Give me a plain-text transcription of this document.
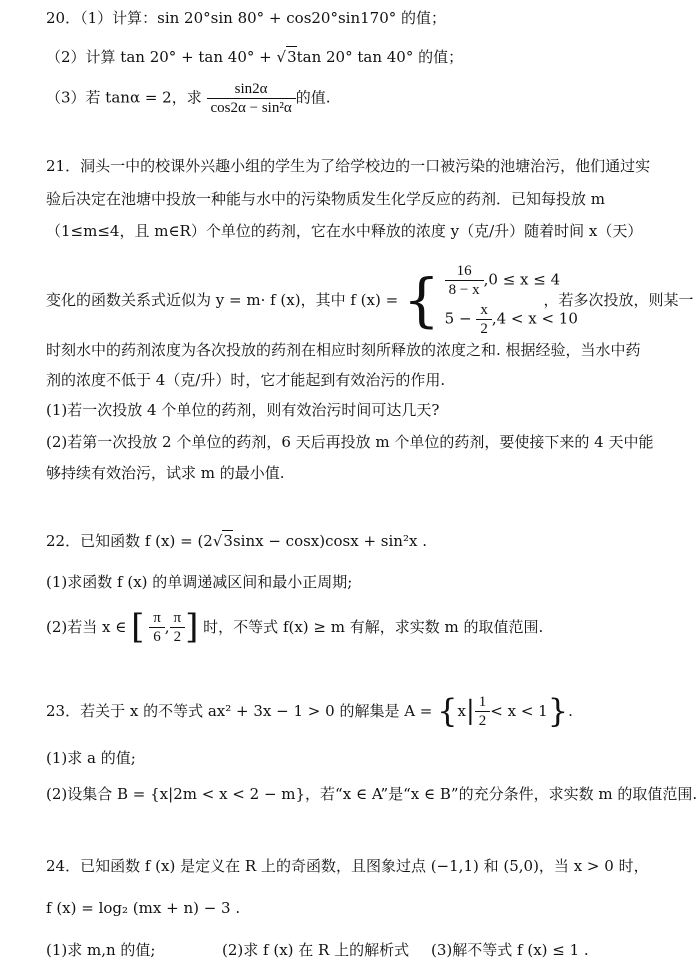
20．（1）计算：sin 20°sin 80° + cos20°sin170° 的值；
（2）计算 tan 20° + tan 40° + √3tan 20° tan 40° 的值；
（3）若 tanα = 2，求 $\frac{\sin 2\alpha}{\text{cos2α − sin²α}}$ 的值.
21．洞头一中的校课外兴趣小组的学生为了给学校边的一口被污染的池塘治污，他们通过实
验后决定在池塘中投放一种能与水中的污染物质发生化学反应的药剂．已知每投放 m
（1≤m≤4，且 m∈R）个单位的药剂，它在水中释放的浓度 y（克/升）随着时间 x（天）
变化的函数关系式近似为 y = m· f (x)，其中 f (x) = { $\frac{16}{8 - x} ,0 \le x \le 4$
$5 - \frac{x}{2} ,4 < x < 10$
，若多次投放，则某一
时刻水中的药剂浓度为各次投放的药剂在相应时刻所释放的浓度之和. 根据经验，当水中药
剂的浓度不低于 4（克/升）时，它才能起到有效治污的作用.
(1)若一次投放 4 个单位的药剂，则有效治污时间可达几天?
(2)若第一次投放 2 个单位的药剂，6 天后再投放 m 个单位的药剂，要使接下来的 4 天中能
够持续有效治污，试求 m 的最小值.
22．已知函数 f (x) = (2√3sinx − cosx)cosx + sin²x .
(1)求函数 f (x) 的单调递减区间和最小正周期;
(2)若当 x ∈ [ $\frac{\pi}{6}$ , $\frac{\pi}{2}$ ] 时，不等式 f(x) ≥ m 有解，求实数 m 的取值范围.
23．若关于 x 的不等式 ax² + 3x − 1 > 0 的解集是 $A = \{x| \frac{1}{2} < x < 1\}$.
(1)求 a 的值;
(2)设集合 B = {x|2m < x < 2 − m}，若“x ∈ A”是“x ∈ B”的充分条件，求实数 m 的取值范围.
24．已知函数 f (x) 是定义在 R 上的奇函数，且图象过点 (−1,1) 和 (5,0)，当 x > 0 时，
f (x) = log₂ (mx + n) − 3 .
(1)求 m,n 的值;	(2)求 f (x) 在 R 上的解析式 (3)解不等式 f (x) ≤ 1 .
